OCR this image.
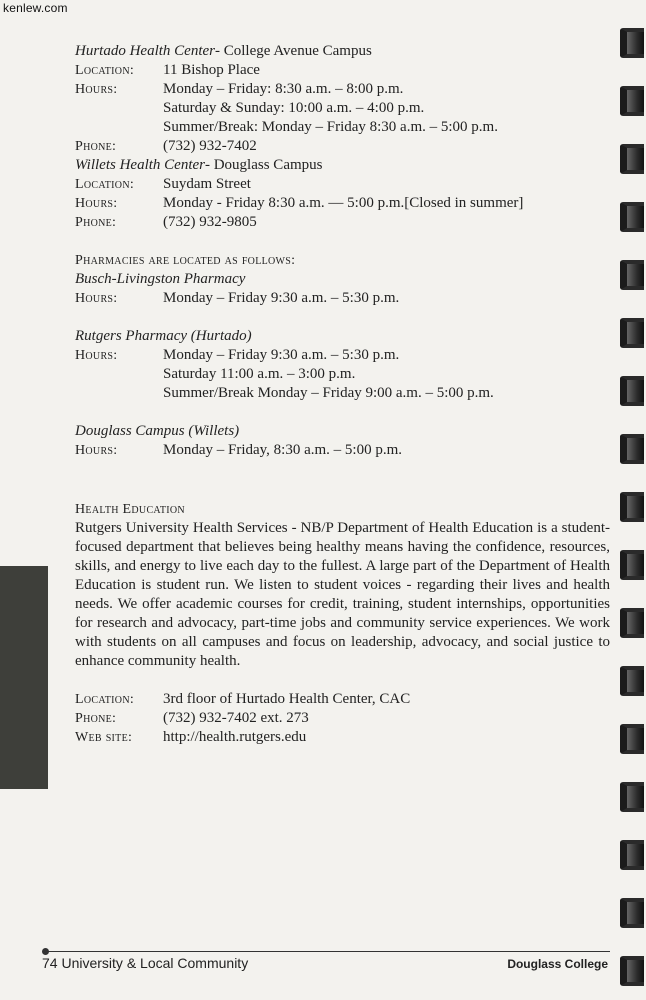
kenlew.com
Hurtado Health Center - College Avenue Campus
Location:	11 Bishop Place
Hours:	Monday – Friday: 8:30 a.m. – 8:00 p.m.
Saturday & Sunday: 10:00 a.m. – 4:00 p.m.
Summer/Break: Monday – Friday 8:30 a.m. – 5:00 p.m.
Phone:	(732) 932-7402
Willets Health Center - Douglass Campus
Location:	Suydam Street
Hours:	Monday - Friday 8:30 a.m. — 5:00 p.m.[Closed in summer]
Phone:	(732) 932-9805
Pharmacies are located as follows:
Busch-Livingston Pharmacy
Hours:	Monday – Friday 9:30 a.m. – 5:30 p.m.
Rutgers Pharmacy (Hurtado)
Hours:	Monday – Friday 9:30 a.m. – 5:30 p.m.
Saturday 11:00 a.m. – 3:00 p.m.
Summer/Break Monday – Friday 9:00 a.m. – 5:00 p.m.
Douglass Campus (Willets)
Hours:	Monday – Friday, 8:30 a.m. – 5:00 p.m.
Health Education

Rutgers University Health Services - NB/P Department of Health Education is a student-focused department that believes being healthy means having the confidence, resources, skills, and energy to live each day to the fullest. A large part of the Department of Health Education is student run. We listen to student voices - regarding their lives and health needs. We offer academic courses for credit, training, student internships, opportunities for research and advocacy, part-time jobs and community service experiences. We work with students on all campuses and focus on leadership, advocacy, and social justice to enhance community health.

Location:	3rd floor of Hurtado Health Center, CAC
Phone:	(732) 932-7402 ext. 273
Web site:	http://health.rutgers.edu
74 University & Local Community	Douglass College
